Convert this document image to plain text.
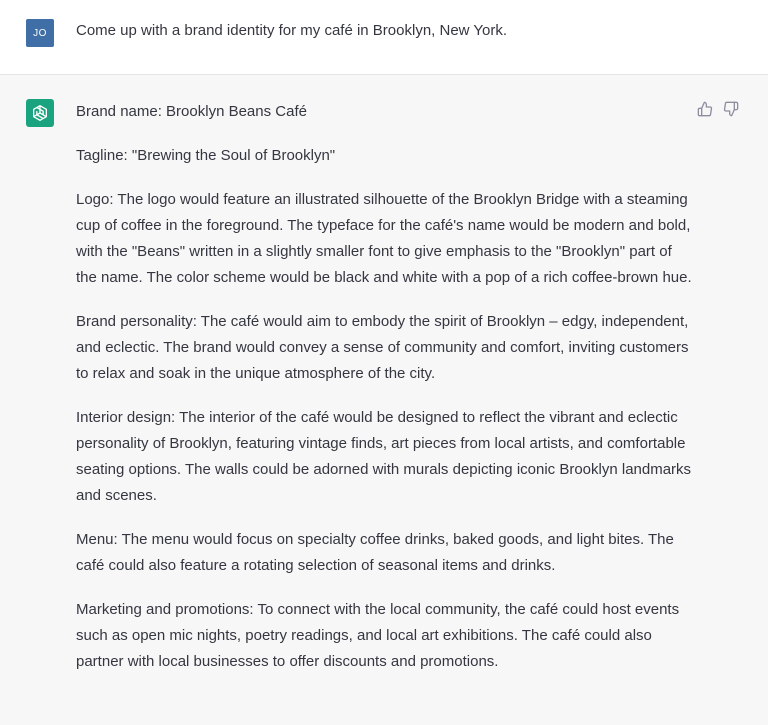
JO	Come up with a brand identity for my café in Brooklyn, New York.

Brand name: Brooklyn Beans Café

Tagline: "Brewing the Soul of Brooklyn"

Logo: The logo would feature an illustrated silhouette of the Brooklyn Bridge with a steaming cup of coffee in the foreground. The typeface for the café's name would be modern and bold, with the "Beans" written in a slightly smaller font to give emphasis to the "Brooklyn" part of the name. The color scheme would be black and white with a pop of a rich coffee-brown hue.

Brand personality: The café would aim to embody the spirit of Brooklyn – edgy, independent, and eclectic. The brand would convey a sense of community and comfort, inviting customers to relax and soak in the unique atmosphere of the city.

Interior design: The interior of the café would be designed to reflect the vibrant and eclectic personality of Brooklyn, featuring vintage finds, art pieces from local artists, and comfortable seating options. The walls could be adorned with murals depicting iconic Brooklyn landmarks and scenes.

Menu: The menu would focus on specialty coffee drinks, baked goods, and light bites. The café could also feature a rotating selection of seasonal items and drinks.

Marketing and promotions: To connect with the local community, the café could host events such as open mic nights, poetry readings, and local art exhibitions. The café could also partner with local businesses to offer discounts and promotions.
